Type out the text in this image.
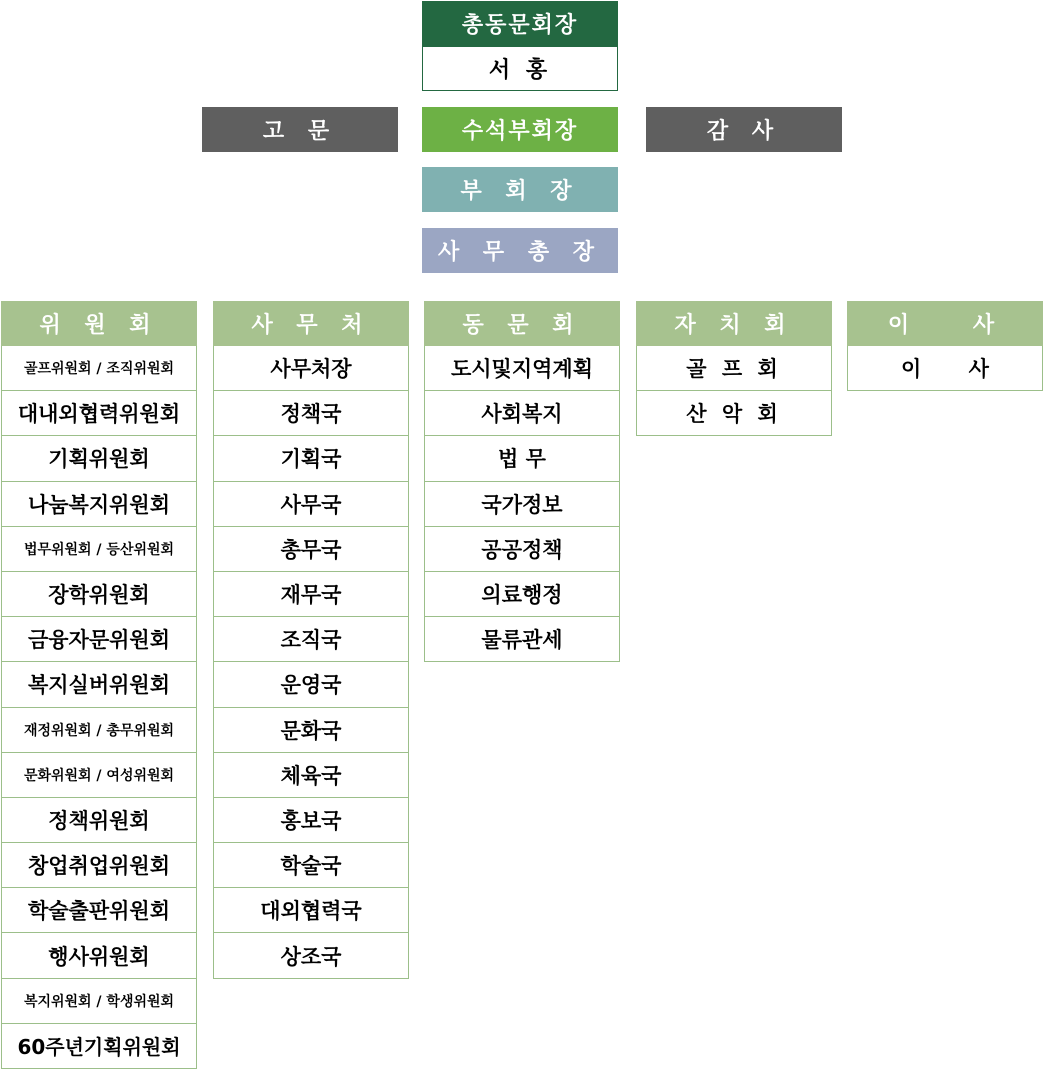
총동문회장
서 홍
고 문	수석부회장	감 사
부 회 장
사 무 총 장
위 원 회
골프위원회 / 조직위원회
대내외협력위원회
기획위원회
나눔복지위원회
법무위원회 / 등산위원회
장학위원회
금융자문위원회
복지실버위원회
재정위원회 / 총무위원회
문화위원회 / 여성위원회
정책위원회
창업취업위원회
학술출판위원회
행사위원회
복지위원회 / 학생위원회
60주년기획위원회
사 무 처
사무처장
정책국
기획국
사무국
총무국
재무국
조직국
운영국
문화국
체육국
홍보국
학술국
대외협력국
상조국
동 문 회
도시및지역계획
사회복지
법 무
국가정보
공공정책
의료행정
물류관세
자 치 회
골 프 회
산 악 회
이 사
이 사
